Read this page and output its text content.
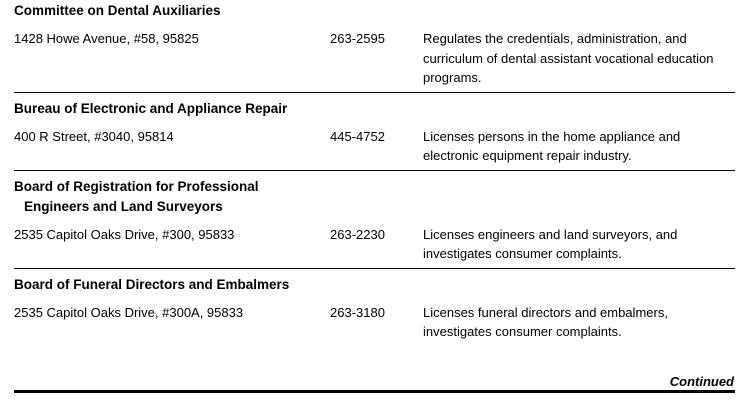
Committee on Dental Auxiliaries
1428 Howe Avenue, #58, 95825	263-2595	Regulates the credentials, administration, and curriculum of dental assistant vocational education programs.
Bureau of Electronic and Appliance Repair
400 R Street, #3040, 95814	445-4752	Licenses persons in the home appliance and electronic equipment repair industry.
Board of Registration for Professional
Engineers and Land Surveyors
2535 Capitol Oaks Drive, #300, 95833	263-2230	Licenses engineers and land surveyors, and investigates consumer complaints.
Board of Funeral Directors and Embalmers
2535 Capitol Oaks Drive, #300A, 95833	263-3180	Licenses funeral directors and embalmers, investigates consumer complaints.
Continued
